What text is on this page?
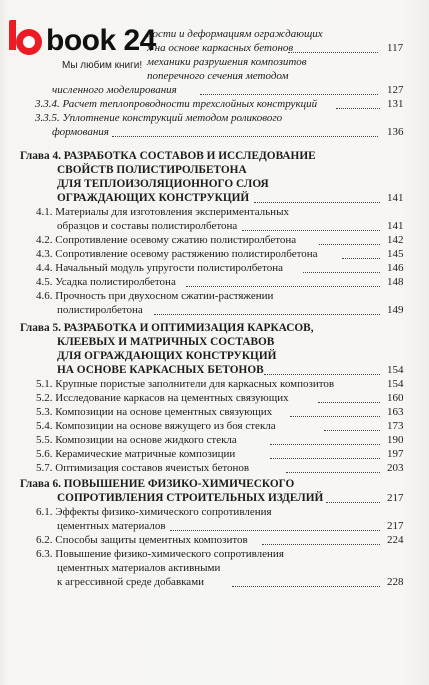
book 24
Мы любим книги!
ности и деформациям ограждающих
х на основе каркасных бетонов	117
механики разрушения композитов
поперечного сечения методом
численного моделирования	127
3.3.4. Расчет теплопроводности трехслойных конструкций	131
3.3.5. Уплотнение конструкций методом роликового
формования	136
Глава 4. РАЗРАБОТКА СОСТАВОВ И ИССЛЕДОВАНИЕ
СВОЙСТВ ПОЛИСТИРОЛБЕТОНА
ДЛЯ ТЕПЛОИЗОЛЯЦИОННОГО СЛОЯ
ОГРАЖДАЮЩИХ КОНСТРУКЦИЙ	141
4.1. Материалы для изготовления экспериментальных
образцов и составы полистиролбетона	141
4.2. Сопротивление осевому сжатию полистиролбетона	142
4.3. Сопротивление осевому растяжению полистиролбетона	145
4.4. Начальный модуль упругости полистиролбетона	146
4.5. Усадка полистиролбетона	148
4.6. Прочность при двухосном сжатии-растяжении
полистиролбетона	149
Глава 5. РАЗРАБОТКА И ОПТИМИЗАЦИЯ КАРКАСОВ,
КЛЕЕВЫХ И МАТРИЧНЫХ СОСТАВОВ
ДЛЯ ОГРАЖДАЮЩИХ КОНСТРУКЦИЙ
НА ОСНОВЕ КАРКАСНЫХ БЕТОНОВ	154
5.1. Крупные пористые заполнители для каркасных композитов	154
5.2. Исследование каркасов на цементных связующих	160
5.3. Композиции на основе цементных связующих	163
5.4. Композиции на основе вяжущего из боя стекла	173
5.5. Композиции на основе жидкого стекла	190
5.6. Керамические матричные композиции	197
5.7. Оптимизация составов ячеистых бетонов	203
Глава 6. ПОВЫШЕНИЕ ФИЗИКО-ХИМИЧЕСКОГО
СОПРОТИВЛЕНИЯ СТРОИТЕЛЬНЫХ ИЗДЕЛИЙ	217
6.1. Эффекты физико-химического сопротивления
цементных материалов	217
6.2. Способы защиты цементных композитов	224
6.3. Повышение физико-химического сопротивления
цементных материалов активными
к агрессивной среде добавками	228
